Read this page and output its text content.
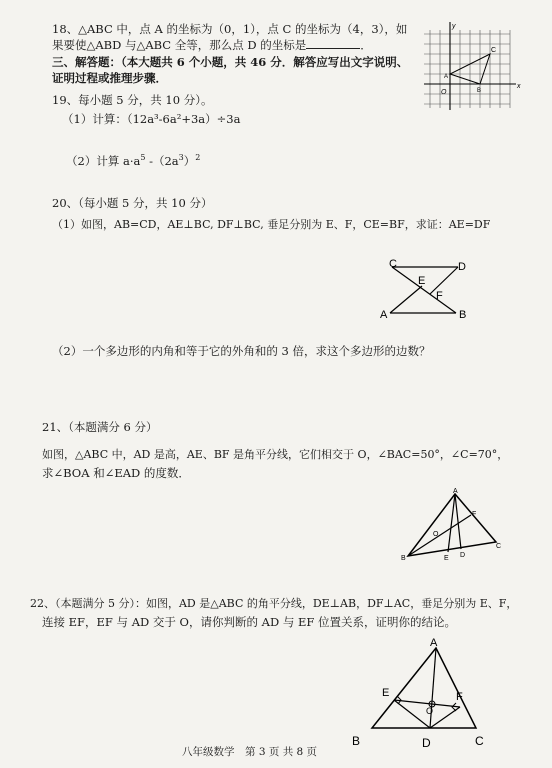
18、△ABC 中，点 A 的坐标为（0，1），点 C 的坐标为（4，3），如
果要使△ABD 与△ABC 全等，那么点 D 的坐标是	．
y
x
O
A
B
C
三、解答题：（本大题共 6 个小题，共 46 分．解答应写出文字说明、
证明过程或推理步骤．
19、每小题 5 分，共 10 分）。
（1）计算：（12a³-6a²+3a）÷3a
（2）计算 $a\cdot a^5$ $-(2a^3)^2$
20、（每小题 5 分，共 10 分）
（1）如图，AB=CD，AE⊥BC, DF⊥BC, 垂足分别为 E、F，CE=BF，求证：AE=DF
C	D
E
F
A	B
（2）一个多边形的内角和等于它的外角和的 3 倍，求这个多边形的边数？
21、（本题满分 6 分）
如图，△ABC 中，AD 是高，AE、BF 是角平分线，它们相交于 O，∠BAC=50°，∠C=70°，
求∠BOA 和∠EAD 的度数．
A
F
O
B	E D
C
22、（本题满分 5 分）：如图，AD 是△ABC 的角平分线，DE⊥AB，DF⊥AC，垂足分别为 E、F，
连接 EF，EF 与 AD 交于 O，请你判断的 AD 与 EF 位置关系，证明你的结论。
A
E	F
O
B	D	C
八年级数学　第 3 页 共 8 页
